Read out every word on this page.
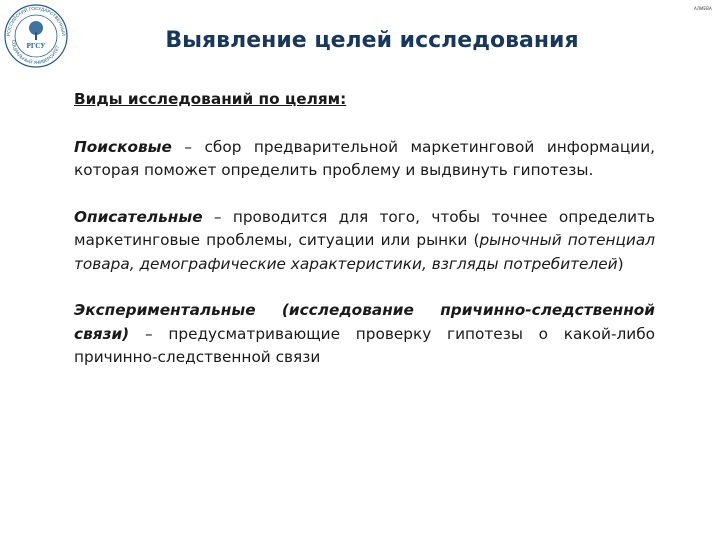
РОССИЙСКИЙ ГОСУДАРСТВЕННЫЙ
СОЦИАЛЬНЫЙ УНИВЕРСИТЕТ
РГСУ
АЛИЕВА
Выявление целей исследования
Виды исследований по целям:
Поисковые – сбор предварительной маркетинговой информации, которая поможет определить проблему и выдвинуть гипотезы.
Описательные – проводится для того, чтобы точнее определить маркетинговые проблемы, ситуации или рынки (рыночный потенциал товара, демографические характеристики, взгляды потребителей)
Экспериментальные (исследование причинно-следственной связи) – предусматривающие проверку гипотезы о какой-либо причинно-следственной связи
